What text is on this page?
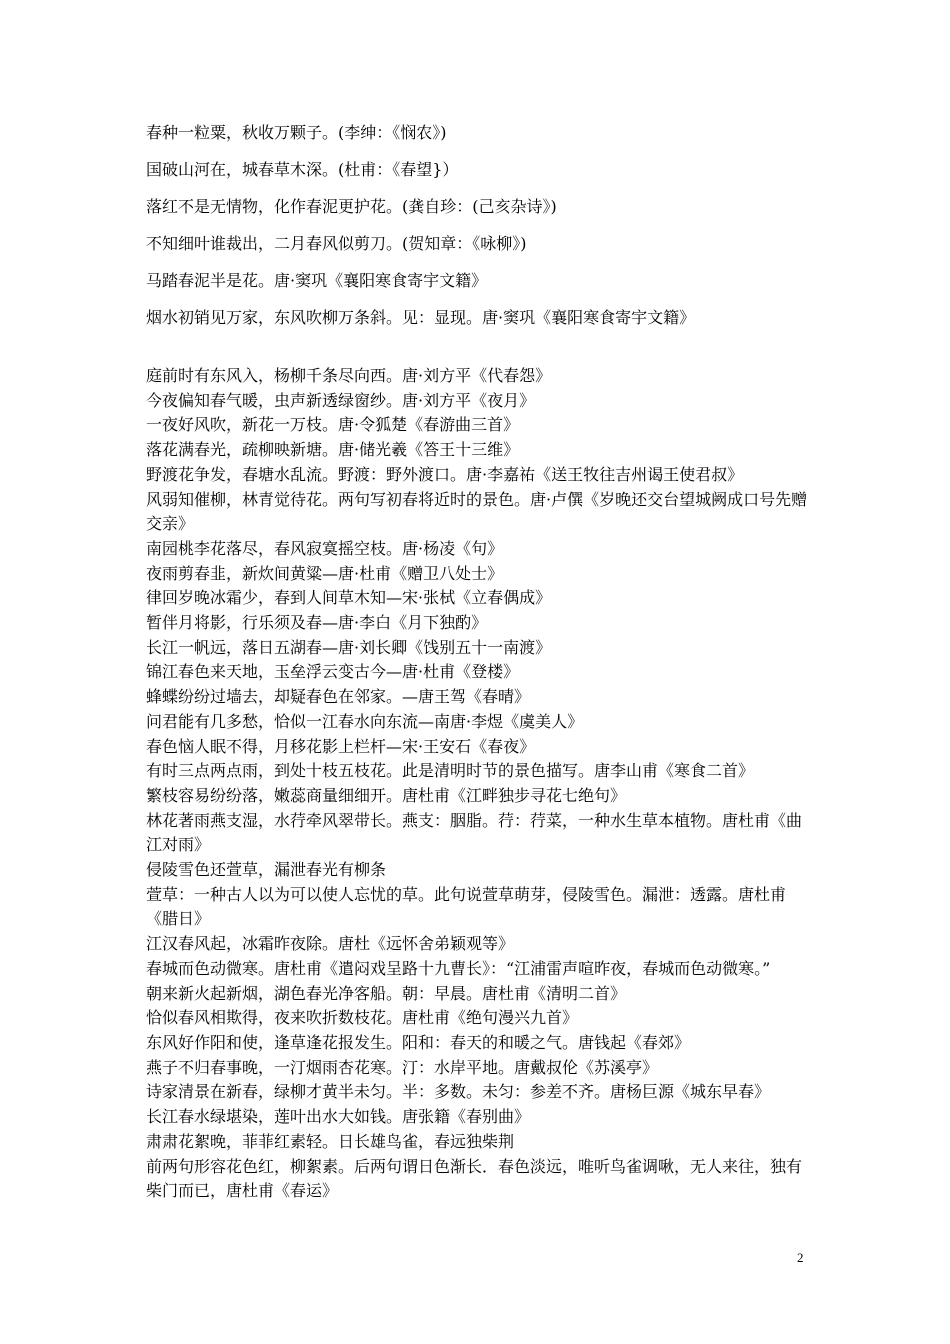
春种一粒粟，秋收万颗子。(李绅：《悯农》)
国破山河在，城春草木深。(杜甫：《春望}）
落红不是无情物，化作春泥更护花。(龚自珍：(己亥杂诗》)
不知细叶谁裁出，二月春风似剪刀。(贺知章：《咏柳》)
马踏春泥半是花。唐·窦巩《襄阳寒食寄宇文籍》
烟水初销见万家，东风吹柳万条斜。见：显现。唐·窦巩《襄阳寒食寄宇文籍》
庭前时有东风入，杨柳千条尽向西。唐·刘方平《代春怨》
今夜偏知春气暖，虫声新透绿窗纱。唐·刘方平《夜月》
一夜好风吹，新花一万枝。唐·令狐楚《春游曲三首》
落花满春光，疏柳映新塘。唐·储光羲《答王十三维》
野渡花争发，春塘水乱流。野渡：野外渡口。唐·李嘉祐《送王牧往吉州谒王使君叔》
风弱知催柳，林青觉待花。两句写初春将近时的景色。唐·卢僎《岁晚还交台望城阙成口号先赠交亲》
南园桃李花落尽，春风寂寞摇空枝。唐·杨凌《句》
夜雨剪春韭，新炊间黄粱—唐·杜甫《赠卫八处士》
律回岁晚冰霜少，春到人间草木知—宋·张栻《立春偶成》
暂伴月将影，行乐须及春—唐·李白《月下独酌》
长江一帆远，落日五湖春—唐·刘长卿《饯别五十一南渡》
锦江春色来天地，玉垒浮云变古今—唐·杜甫《登楼》
蜂蝶纷纷过墙去，却疑春色在邻家。—唐王驾《春晴》
问君能有几多愁，恰似一江春水向东流—南唐·李煜《虞美人》
春色恼人眠不得，月移花影上栏杆—宋·王安石《春夜》
有时三点两点雨，到处十枝五枝花。此是清明时节的景色描写。唐李山甫《寒食二首》
繁枝容易纷纷落，嫩蕊商量细细开。唐杜甫《江畔独步寻花七绝句》
林花著雨燕支湿，水荇牵风翠带长。燕支：胭脂。荇：荇菜，一种水生草本植物。唐杜甫《曲江对雨》
侵陵雪色还萱草，漏泄春光有柳条
萱草：一种古人以为可以使人忘忧的草。此句说萱草萌芽，侵陵雪色。漏泄：透露。唐杜甫《腊日》
江汉春风起，冰霜昨夜除。唐杜《远怀舍弟颖观等》
春城而色动微寒。唐杜甫《遣闷戏呈路十九曹长》：“江浦雷声喧昨夜，春城而色动微寒。”
朝来新火起新烟，湖色春光净客船。朝：早晨。唐杜甫《清明二首》
恰似春风相欺得，夜来吹折数枝花。唐杜甫《绝句漫兴九首》
东风好作阳和使，逢草逢花报发生。阳和：春天的和暖之气。唐钱起《春郊》
燕子不归春事晚，一汀烟雨杏花寒。汀：水岸平地。唐戴叔伦《苏溪亭》
诗家清景在新春，绿柳才黄半未匀。半：多数。未匀：参差不齐。唐杨巨源《城东早春》
长江春水绿堪染，莲叶出水大如钱。唐张籍《春别曲》
肃肃花絮晚，菲菲红素轻。日长雄鸟雀，春远独柴荆
前两句形容花色红，柳絮素。后两句谓日色渐长．春色淡远，唯听鸟雀调啾，无人来往，独有柴门而已，唐杜甫《春运》
2
